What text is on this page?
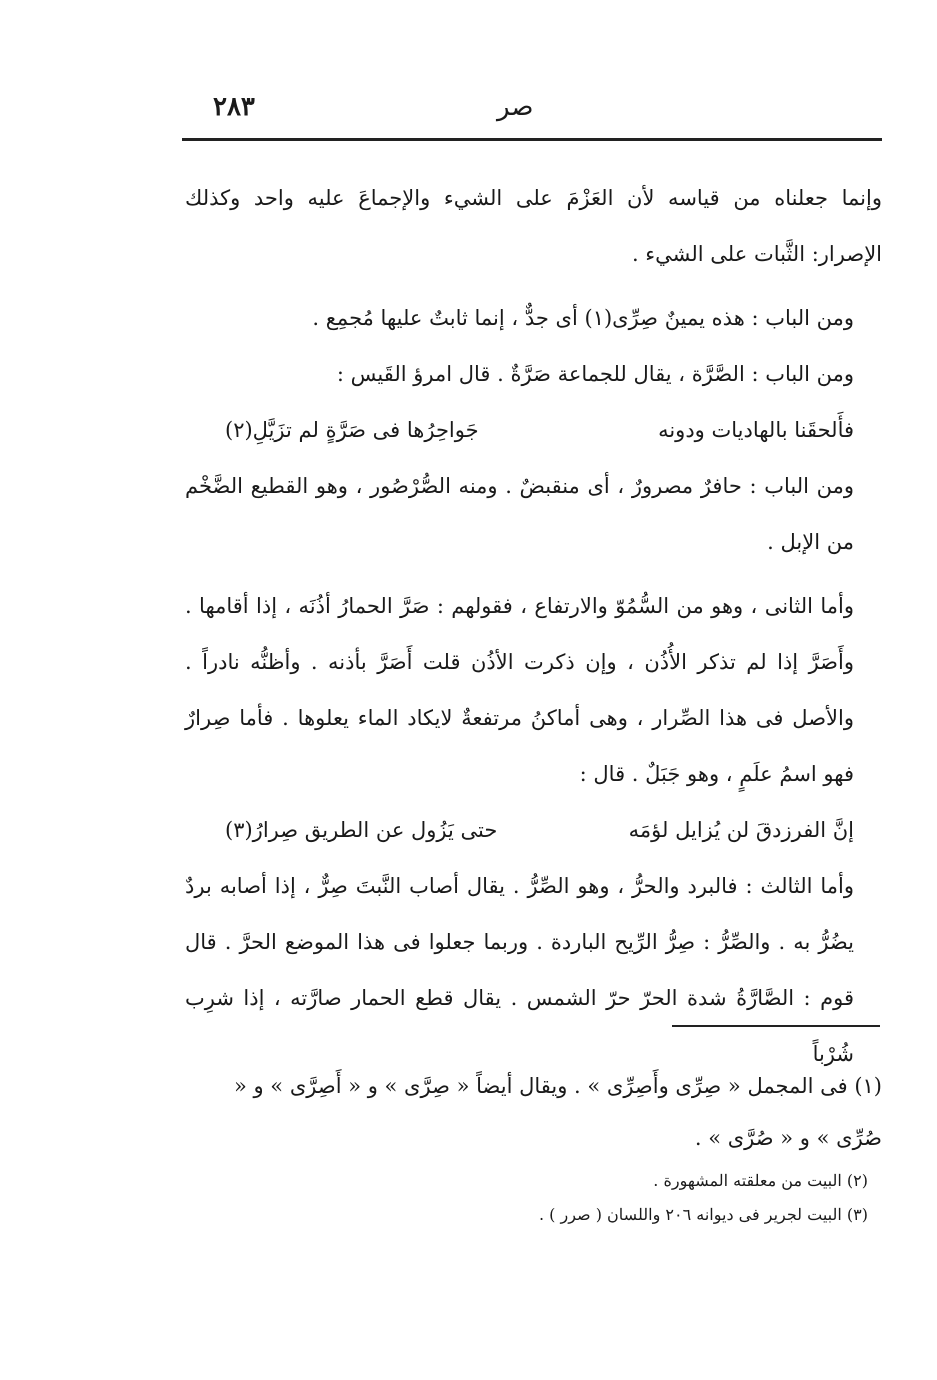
٢٨٣	صر

وإنما جعلناه من قياسه لأن العَزْمَ على الشيء والإجماعَ عليه واحد وكذلك الإصرار: الثَّبات على الشيء .

ومن الباب : هذه يمينٌ صِرِّى(١) أى جدٌّ ، إنما ثابتٌ عليها مُجمِع .

ومن الباب : الصَّرَّة ، يقال للجماعة صَرَّةٌ . قال امرؤ القَيس :

فأَلحقَنا بالهاديات ودونه
جَواحِرُها فى صَرَّةٍ لم تزَيَّلِ(٢)

ومن الباب : حافرٌ مصرورٌ ، أى منقبضٌ . ومنه الصُّرْصُور ، وهو القطيع الضَّخْم من الإبل .

وأما الثانى ، وهو من السُّمُوّ والارتفاع ، فقولهم : صَرَّ الحمارُ أذُنَه ، إذا أقامها . وأَصَرَّ إذا لم تذكر الأُذُن ، وإن ذكرت الأذُن قلت أَصَرَّ بأذنه . وأظنُّه نادراً . والأصل فى هذا الصِّرار ، وهى أماكنُ مرتفعةٌ لايكاد الماء يعلوها . فأما صِرارٌ فهو اسمُ علَمٍ ، وهو جَبَلٌ . قال :

إنَّ الفرزدقَ لن يُزايل لؤمَه
حتى يَزُول عن الطريق صِرارُ(٣)

وأما الثالث : فالبرد والحرُّ ، وهو الصِّرُّ . يقال أصاب النَّبتَ صِرٌّ ، إذا أصابه بردٌ يضُرُّ به . والصِّرُّ : صِرُّ الرِّيح الباردة . وربما جعلوا فى هذا الموضع الحرَّ . قال قوم : الصَّارَّةُ شدة الحرّ حرّ الشمس . يقال قطع الحمار صارَّته ، إذا شرِب شُرْباً

(١) فى المجمل « صِرِّى وأَصِرِّى » . ويقال أيضاً « صِرَّى » و « أَصِرَّى » و « صُرِّى » و « صُرَّى » .

(٢) البيت من معلقته المشهورة .

(٣) البيت لجرير فى ديوانه ٢٠٦ واللسان ( صرر ) .
